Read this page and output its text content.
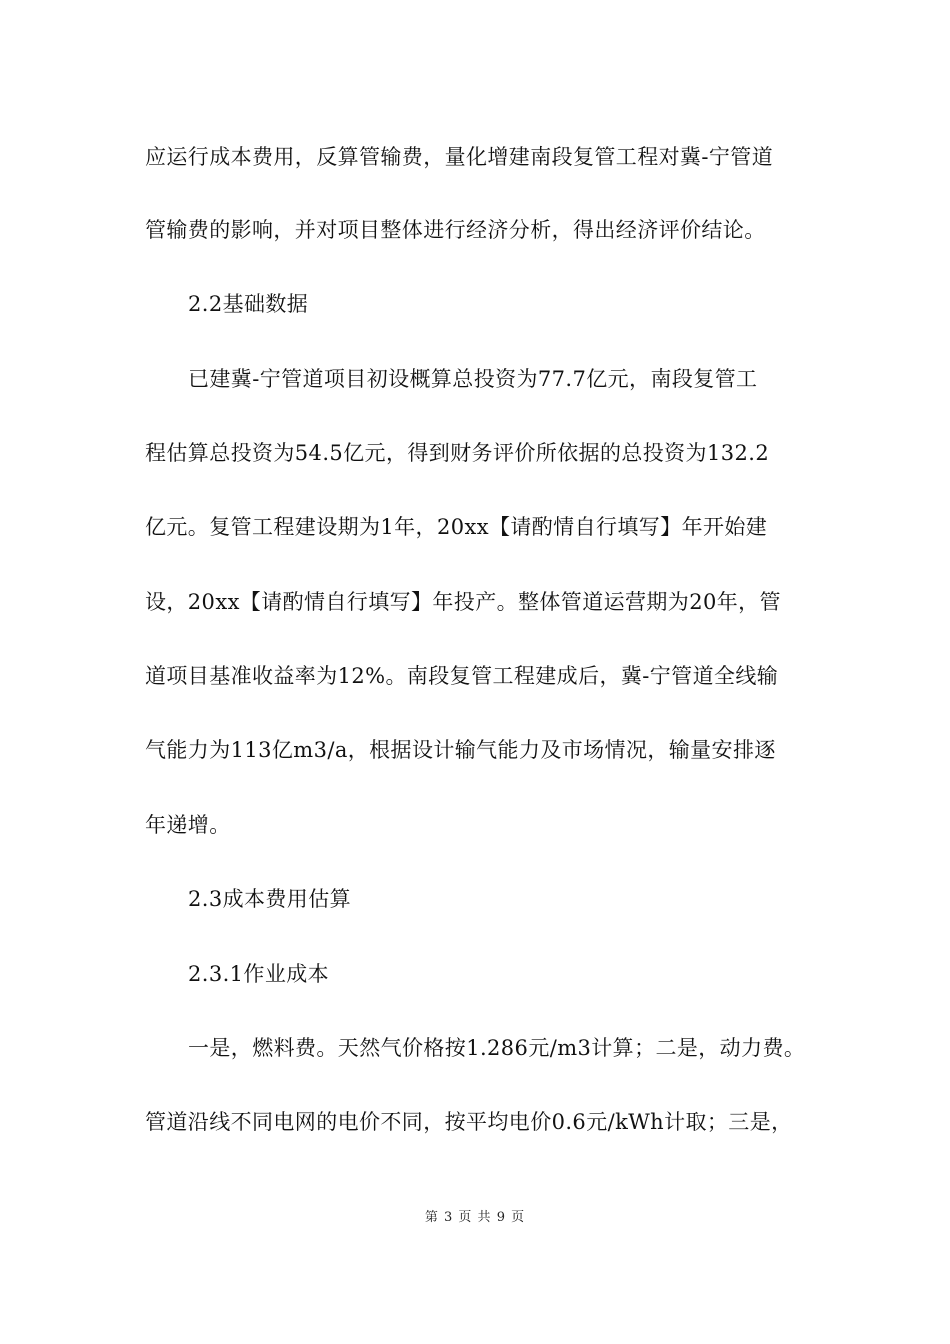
应运行成本费用，反算管输费，量化增建南段复管工程对冀-宁管道
管输费的影响，并对项目整体进行经济分析，得出经济评价结论。
2.2基础数据
已建冀-宁管道项目初设概算总投资为77.7亿元，南段复管工
程估算总投资为54.5亿元，得到财务评价所依据的总投资为132.2
亿元。复管工程建设期为1年，20xx【请酌情自行填写】年开始建
设，20xx【请酌情自行填写】年投产。整体管道运营期为20年，管
道项目基准收益率为12%。南段复管工程建成后，冀-宁管道全线输
气能力为113亿m3/a，根据设计输气能力及市场情况，输量安排逐
年递增。
2.3成本费用估算
2.3.1作业成本
一是，燃料费。天然气价格按1.286元/m3计算；二是，动力费。
管道沿线不同电网的电价不同，按平均电价0.6元/kWh计取；三是，
第 3 页 共 9 页
